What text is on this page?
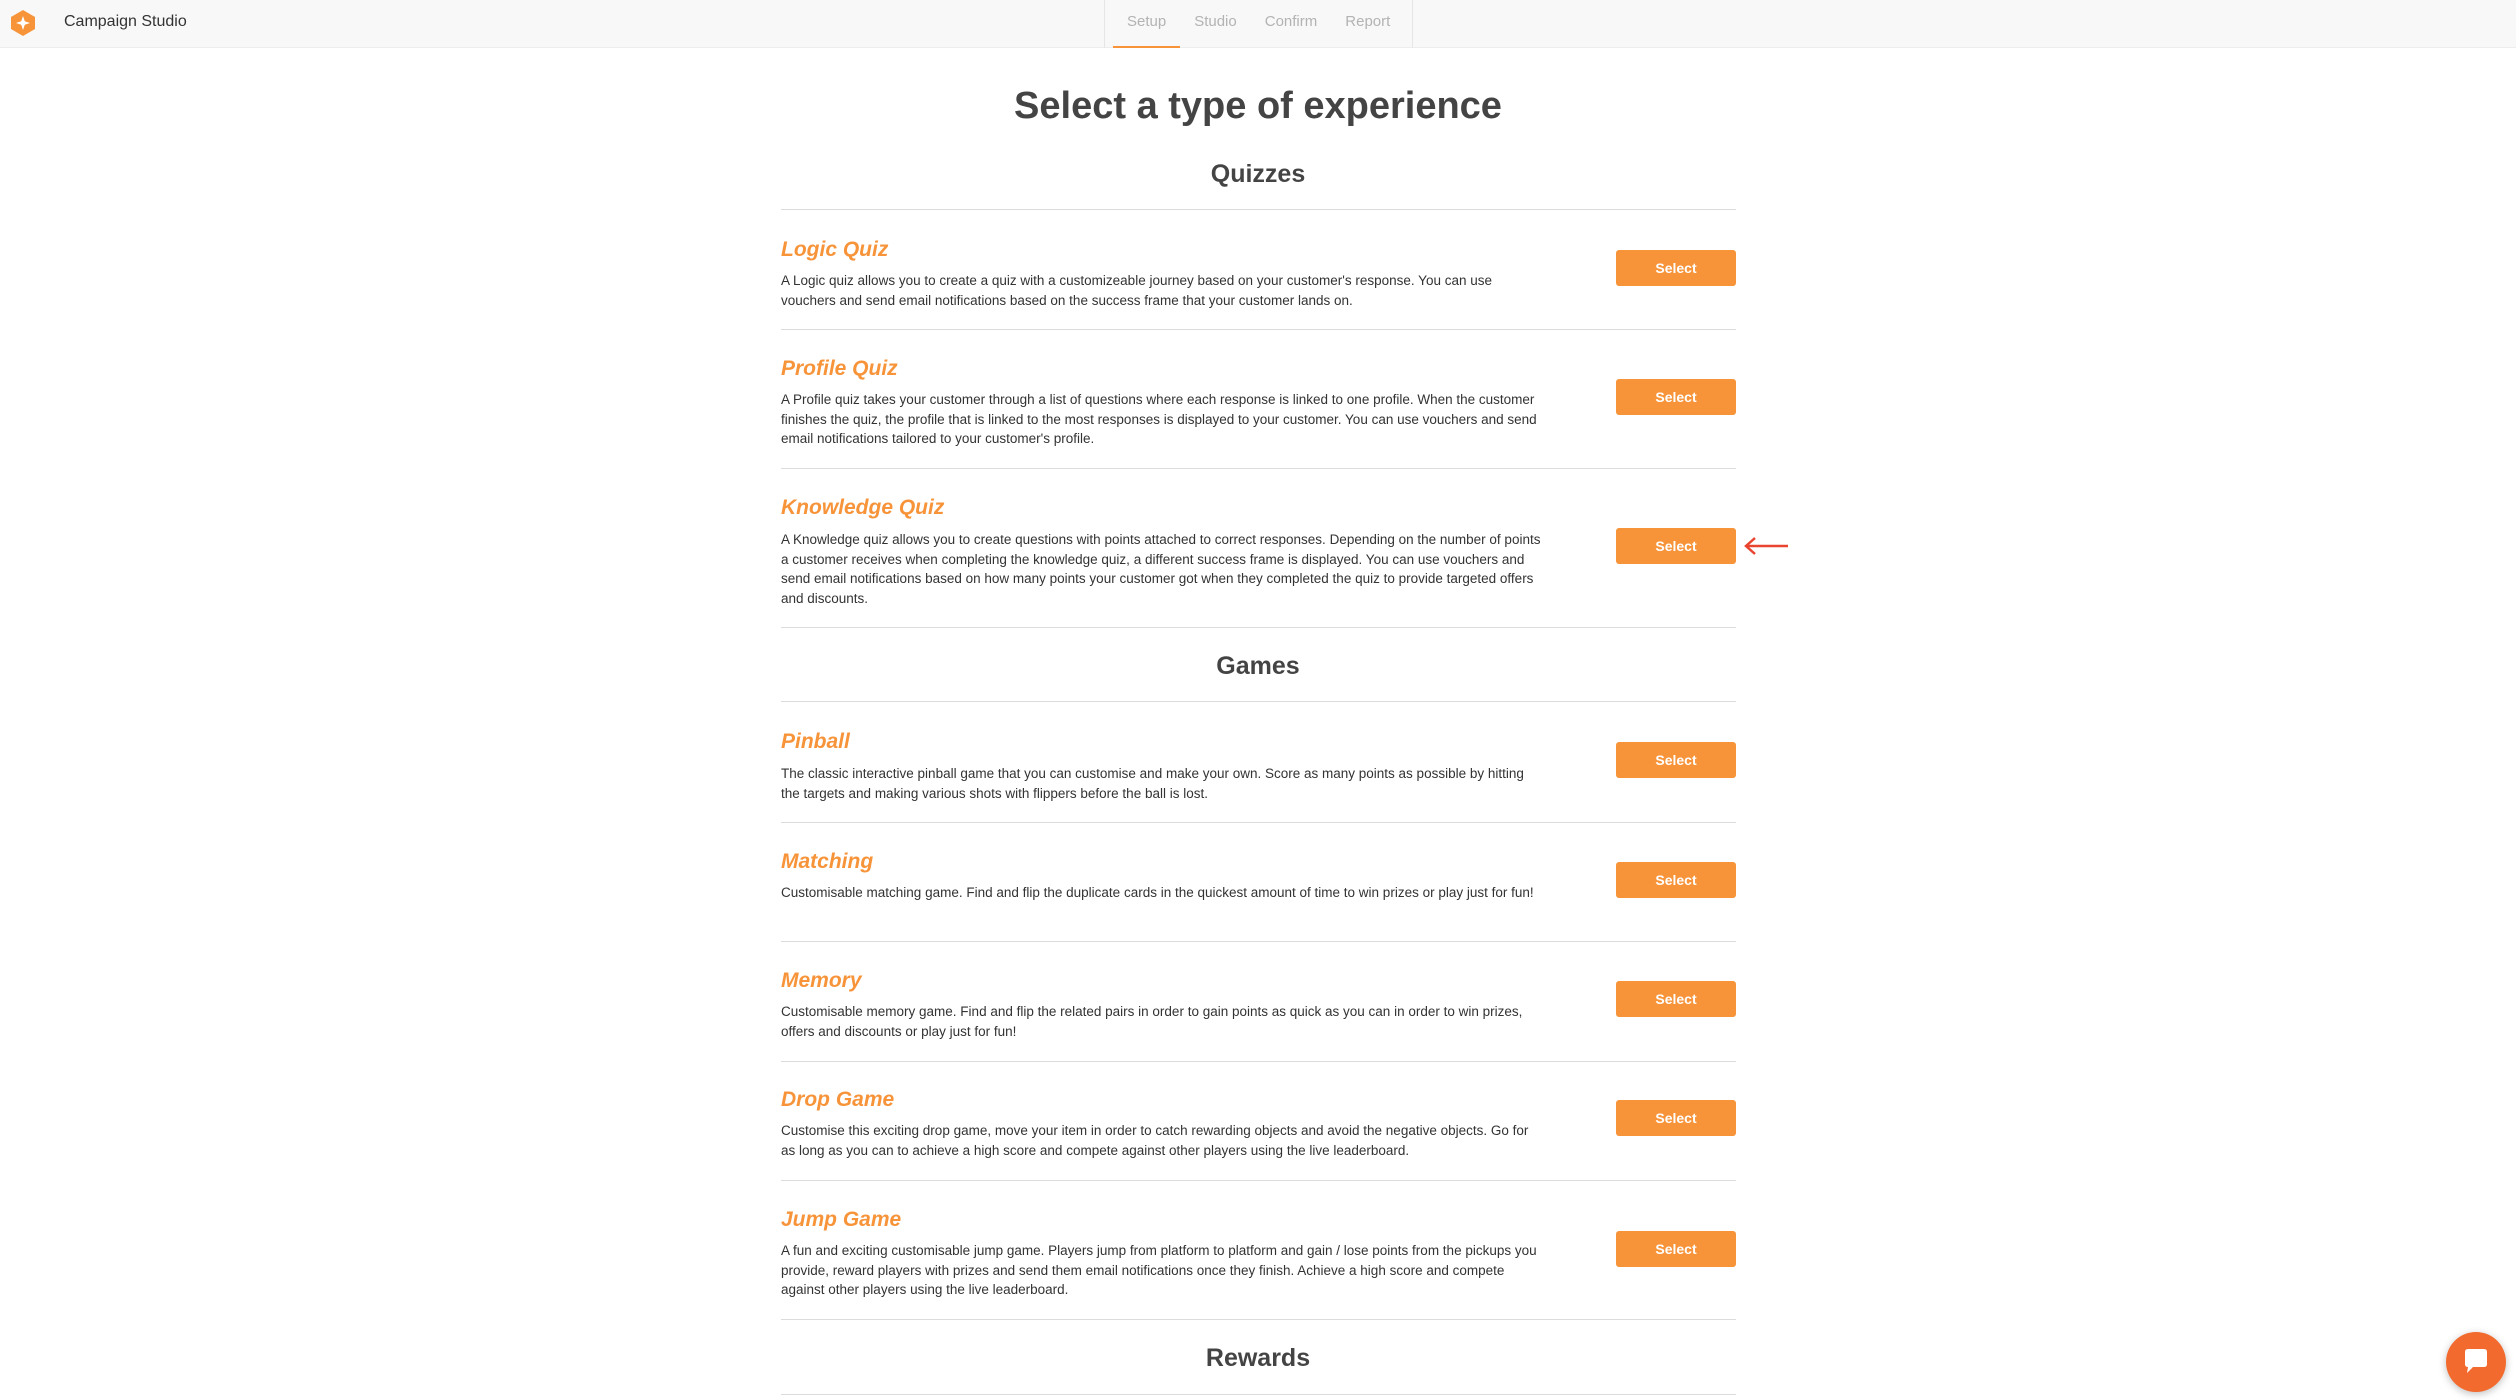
Campaign Studio	Setup	Studio	Confirm	Report
Select a type of experience
Quizzes
Logic Quiz
A Logic quiz allows you to create a quiz with a customizeable journey based on your customer's response. You can use vouchers and send email notifications based on the success frame that your customer lands on.
Select
Profile Quiz
A Profile quiz takes your customer through a list of questions where each response is linked to one profile. When the customer finishes the quiz, the profile that is linked to the most responses is displayed to your customer. You can use vouchers and send email notifications tailored to your customer's profile.
Select
Knowledge Quiz
A Knowledge quiz allows you to create questions with points attached to correct responses. Depending on the number of points a customer receives when completing the knowledge quiz, a different success frame is displayed. You can use vouchers and send email notifications based on how many points your customer got when they completed the quiz to provide targeted offers and discounts.
Select
Games
Pinball
The classic interactive pinball game that you can customise and make your own. Score as many points as possible by hitting the targets and making various shots with flippers before the ball is lost.
Select
Matching
Customisable matching game. Find and flip the duplicate cards in the quickest amount of time to win prizes or play just for fun!
Select
Memory
Customisable memory game. Find and flip the related pairs in order to gain points as quick as you can in order to win prizes, offers and discounts or play just for fun!
Select
Drop Game
Customise this exciting drop game, move your item in order to catch rewarding objects and avoid the negative objects. Go for as long as you can to achieve a high score and compete against other players using the live leaderboard.
Select
Jump Game
A fun and exciting customisable jump game. Players jump from platform to platform and gain / lose points from the pickups you provide, reward players with prizes and send them email notifications once they finish. Achieve a high score and compete against other players using the live leaderboard.
Select
Rewards
